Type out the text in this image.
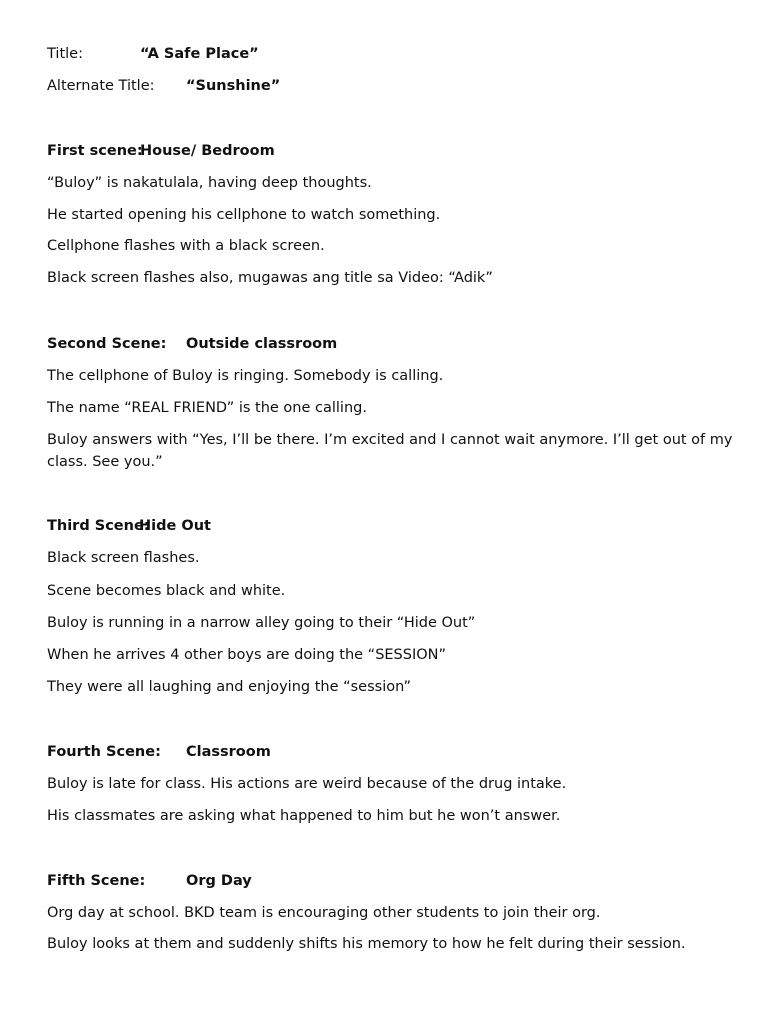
Title:	“A Safe Place”
Alternate Title: “Sunshine”
First scene:House/ Bedroom
“Buloy” is nakatulala, having deep thoughts.
He started opening his cellphone to watch something.
Cellphone flashes with a black screen.
Black screen flashes also, mugawas ang title sa Video: “Adik”
Second Scene: Outside classroom
The cellphone of Buloy is ringing. Somebody is calling.
The name “REAL FRIEND” is the one calling.
Buloy answers with “Yes, I’ll be there. I’m excited and I cannot wait anymore. I’ll get out of my class. See you.”
Third Scene:Hide Out
Black screen flashes.
Scene becomes black and white.
Buloy is running in a narrow alley going to their “Hide Out”
When he arrives 4 other boys are doing the “SESSION”
They were all laughing and enjoying the “session”
Fourth Scene: Classroom
Buloy is late for class. His actions are weird because of the drug intake.
His classmates are asking what happened to him but he won’t answer.
Fifth Scene:	Org Day
Org day at school. BKD team is encouraging other students to join their org.
Buloy looks at them and suddenly shifts his memory to how he felt during their session.
